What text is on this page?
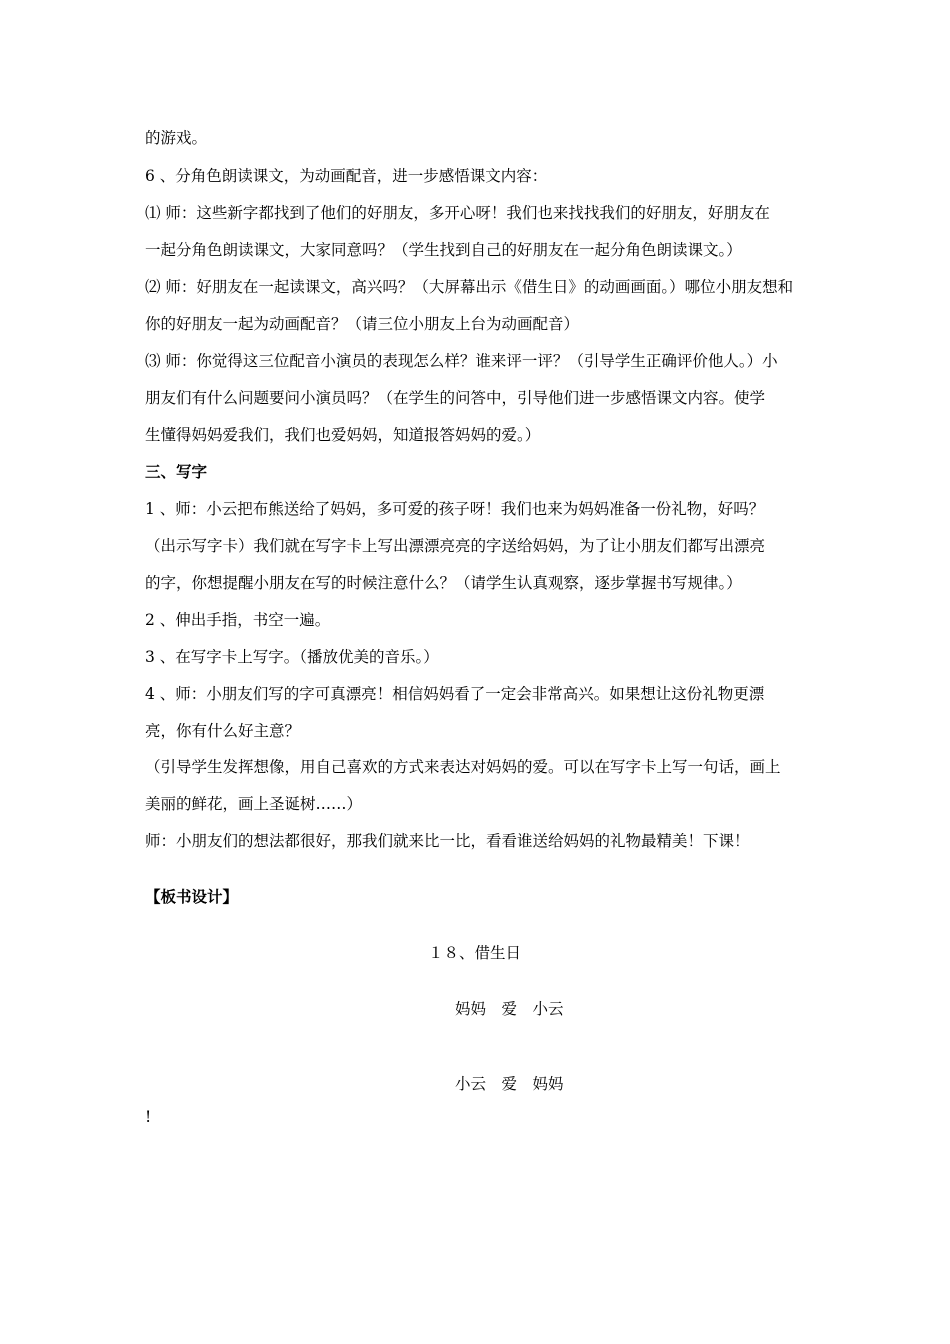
的游戏。
6 、分角色朗读课文，为动画配音，进一步感悟课文内容：
⑴ 师：这些新字都找到了他们的好朋友，多开心呀！我们也来找找我们的好朋友，好朋友在
一起分角色朗读课文，大家同意吗？（学生找到自己的好朋友在一起分角色朗读课文。）
⑵ 师：好朋友在一起读课文，高兴吗？（大屏幕出示《借生日》的动画画面。）哪位小朋友想和
你的好朋友一起为动画配音？（请三位小朋友上台为动画配音）
⑶ 师：你觉得这三位配音小演员的表现怎么样？谁来评一评？（引导学生正确评价他人。）小
朋友们有什么问题要问小演员吗？（在学生的问答中，引导他们进一步感悟课文内容。使学
生懂得妈妈爱我们，我们也爱妈妈，知道报答妈妈的爱。）
三、写字
1 、师：小云把布熊送给了妈妈，多可爱的孩子呀！我们也来为妈妈准备一份礼物，好吗？
（出示写字卡）我们就在写字卡上写出漂漂亮亮的字送给妈妈，为了让小朋友们都写出漂亮
的字，你想提醒小朋友在写的时候注意什么？（请学生认真观察，逐步掌握书写规律。）
2 、伸出手指，书空一遍。
3 、在写字卡上写字。（播放优美的音乐。）
4 、师：小朋友们写的字可真漂亮！相信妈妈看了一定会非常高兴。如果想让这份礼物更漂
亮，你有什么好主意？
（引导学生发挥想像，用自己喜欢的方式来表达对妈妈的爱。可以在写字卡上写一句话，画上
美丽的鲜花，画上圣诞树……）
师：小朋友们的想法都很好，那我们就来比一比，看看谁送给妈妈的礼物最精美！下课！
【板书设计】
１８、借生日
妈妈　爱　小云
小云　爱　妈妈
!
